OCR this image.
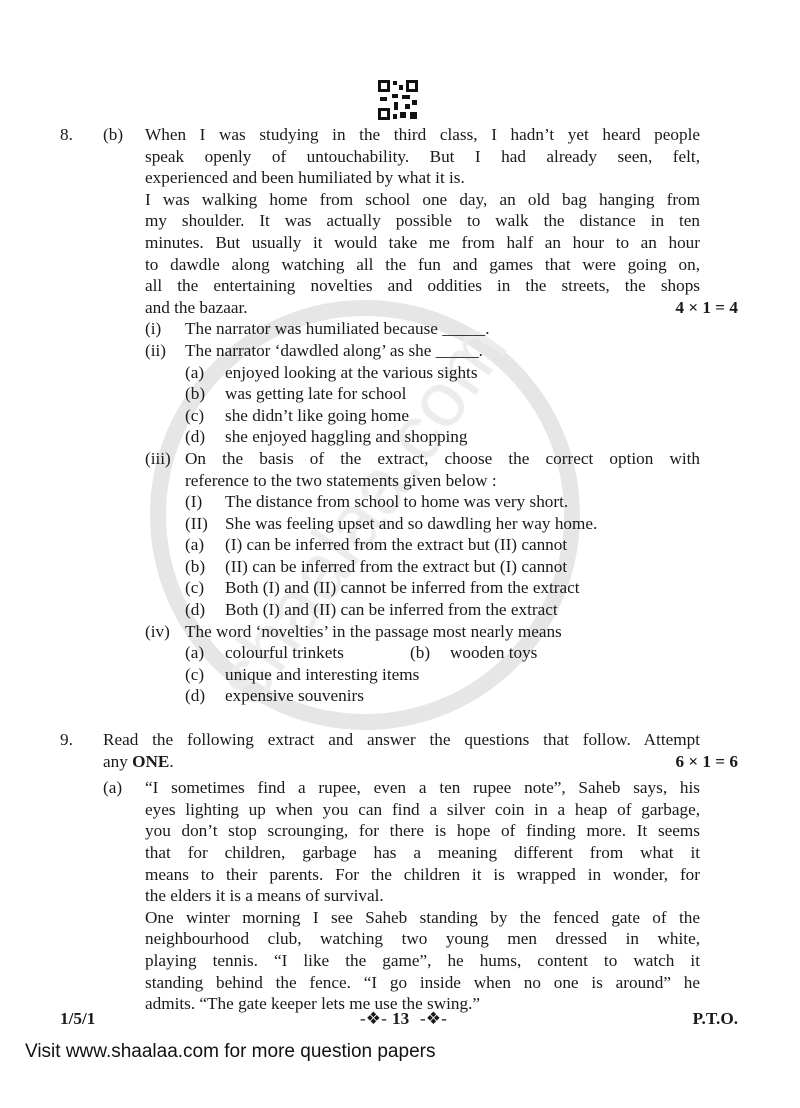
8. (b) When I was studying in the third class, I hadn’t yet heard people
speak openly of untouchability. But I had already seen, felt,
experienced and been humiliated by what it is.
I was walking home from school one day, an old bag hanging from
my shoulder. It was actually possible to walk the distance in ten
minutes. But usually it would take me from half an hour to an hour
to dawdle along watching all the fun and games that were going on,
all the entertaining novelties and oddities in the streets, the shops
and the bazaar.	4 × 1 = 4
(i) The narrator was humiliated because _____.
(ii) The narrator ‘dawdled along’ as she _____.
(a) enjoyed looking at the various sights
(b) was getting late for school
(c) she didn’t like going home
(d) she enjoyed haggling and shopping
(iii) On the basis of the extract, choose the correct option with
reference to the two statements given below :
(I) The distance from school to home was very short.
(II) She was feeling upset and so dawdling her way home.
(a) (I) can be inferred from the extract but (II) cannot
(b) (II) can be inferred from the extract but (I) cannot
(c) Both (I) and (II) cannot be inferred from the extract
(d) Both (I) and (II) can be inferred from the extract
(iv) The word ‘novelties’ in the passage most nearly means
(a) colourful trinkets	(b) wooden toys
(c) unique and interesting items
(d) expensive souvenirs
9. Read the following extract and answer the questions that follow. Attempt
any ONE.	6 × 1 = 6
(a) “I sometimes find a rupee, even a ten rupee note”, Saheb says, his
eyes lighting up when you can find a silver coin in a heap of garbage,
you don’t stop scrounging, for there is hope of finding more. It seems
that for children, garbage has a meaning different from what it
means to their parents. For the children it is wrapped in wonder, for
the elders it is a means of survival.
One winter morning I see Saheb standing by the fenced gate of the
neighbourhood club, watching two young men dressed in white,
playing tennis. “I like the game”, he hums, content to watch it
standing behind the fence. “I go inside when no one is around” he
admits. “The gate keeper lets me use the swing.”
1/5/1	-❖- 13 -❖-	P.T.O.
Visit www.shaalaa.com for more question papers
